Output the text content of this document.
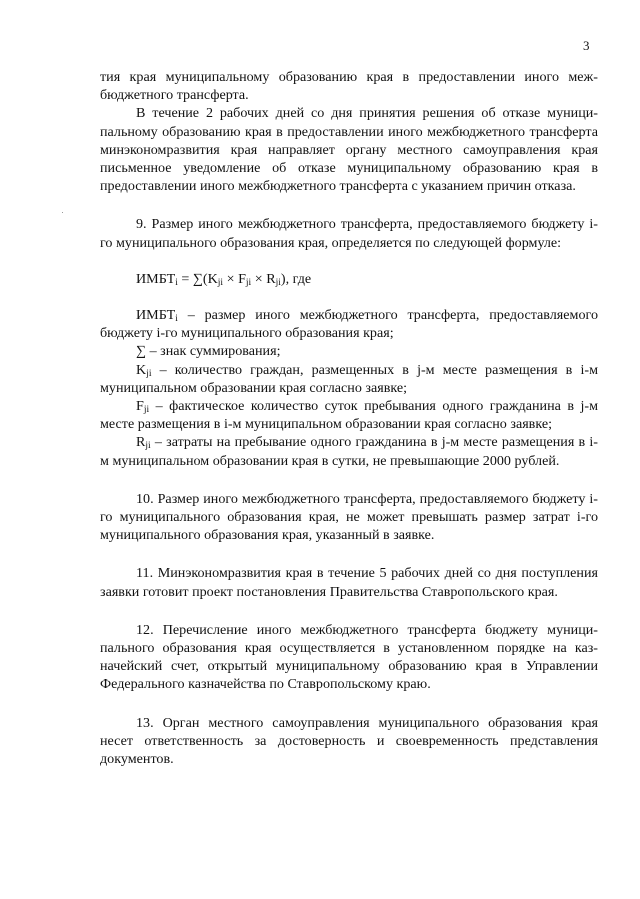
3

тия края муниципальному образованию края в предоставлении иного межбюджетного трансферта.

В течение 2 рабочих дней со дня принятия решения об отказе муниципальному образованию края в предоставлении иного межбюджетного трансферта минэкономразвития края направляет органу местного самоуправления края письменное уведомление об отказе муниципальному образованию края в предоставлении иного межбюджетного трансферта с указанием причин отказа.

9. Размер иного межбюджетного трансферта, предоставляемого бюджету i-го муниципального образования края, определяется по следующей формуле:

$ИМБТ_i = \sum(K_{ji} \times F_{ji} \times R_{ji})$, где

$ИМБТ_i$ – размер иного межбюджетного трансферта, предоставляемого бюджету i-го муниципального образования края;

∑ – знак суммирования;

$K_{ji}$ – количество граждан, размещенных в j-м месте размещения в i-м муниципальном образовании края согласно заявке;

$F_{ji}$ – фактическое количество суток пребывания одного гражданина в j-м месте размещения в i-м муниципальном образовании края согласно заявке;

$R_{ji}$ – затраты на пребывание одного гражданина в j-м месте размещения в i-м муниципальном образовании края в сутки, не превышающие 2000 рублей.

10. Размер иного межбюджетного трансферта, предоставляемого бюджету i-го муниципального образования края, не может превышать размер затрат i-го муниципального образования края, указанный в заявке.

11. Минэкономразвития края в течение 5 рабочих дней со дня поступления заявки готовит проект постановления Правительства Ставропольского края.

12. Перечисление иного межбюджетного трансферта бюджету муниципального образования края осуществляется в установленном порядке на казначейский счет, открытый муниципальному образованию края в Управлении Федерального казначейства по Ставропольскому краю.

13. Орган местного самоуправления муниципального образования края несет ответственность за достоверность и своевременность представления документов.
